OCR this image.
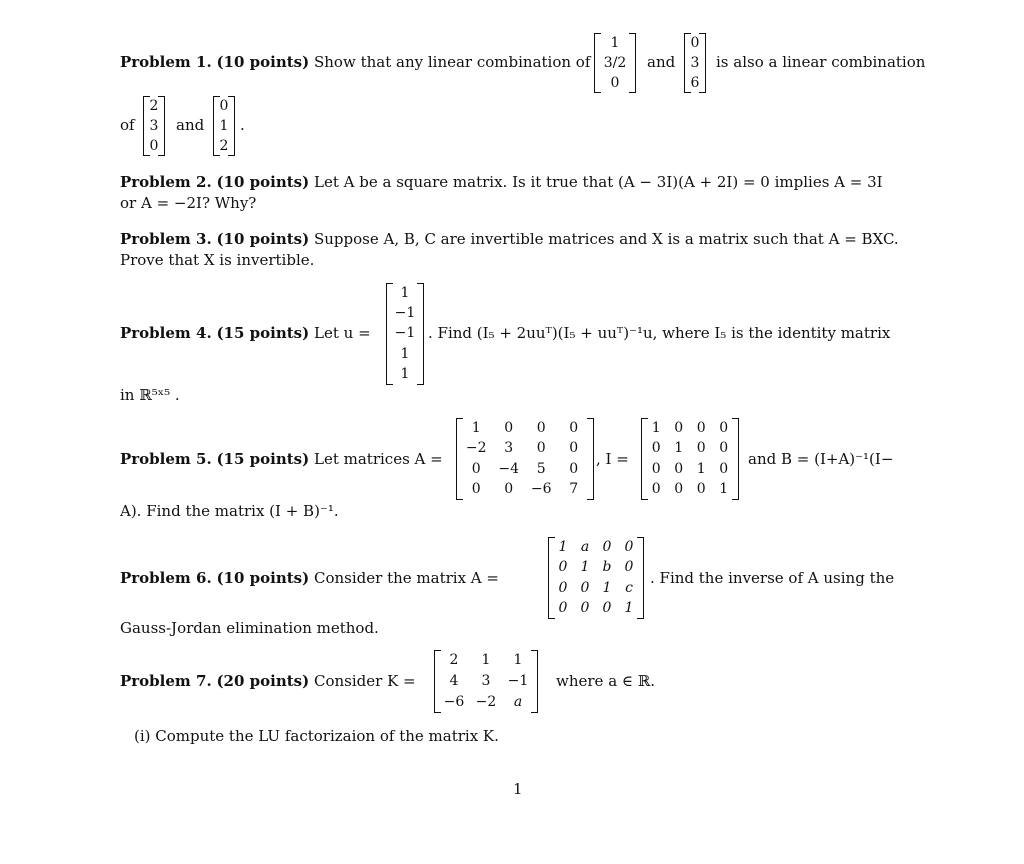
Problem 1. (10 points) Show that any linear combination of
1
3/2
0
and
0
3
6
is also a linear combination
of
2
3
0
and
0
1
2
.
Problem 2. (10 points) Let A be a square matrix. Is it true that (A − 3I)(A + 2I) = 0 implies A = 3I
or A = −2I? Why?
Problem 3. (10 points) Suppose A, B, C are invertible matrices and X is a matrix such that A = BXC.
Prove that X is invertible.
Problem 4. (15 points) Let u =
1
−1
−1
1
1
. Find (I₅ + 2uuᵀ)(I₅ + uuᵀ)⁻¹u, where I₅ is the identity matrix
in ℝ⁵ˣ⁵ .
Problem 5. (15 points) Let matrices A =
1 0 0 0
−2 3 0 0
0 −4 5 0
0 0 −6 7
, I =
1 0 0 0
0 1 0 0
0 0 1 0
0 0 0 1
and B = (I+A)⁻¹(I−
A). Find the matrix (I + B)⁻¹.
Problem 6. (10 points) Consider the matrix A =
1 a 0 0
0 1 b 0
0 0 1 c
0 0 0 1
. Find the inverse of A using the
Gauss-Jordan elimination method.
Problem 7. (20 points) Consider K =
2 1 1
4 3 −1
−6 −2 a
where a ∈ ℝ.
(i) Compute the LU factorizaion of the matrix K.
1
